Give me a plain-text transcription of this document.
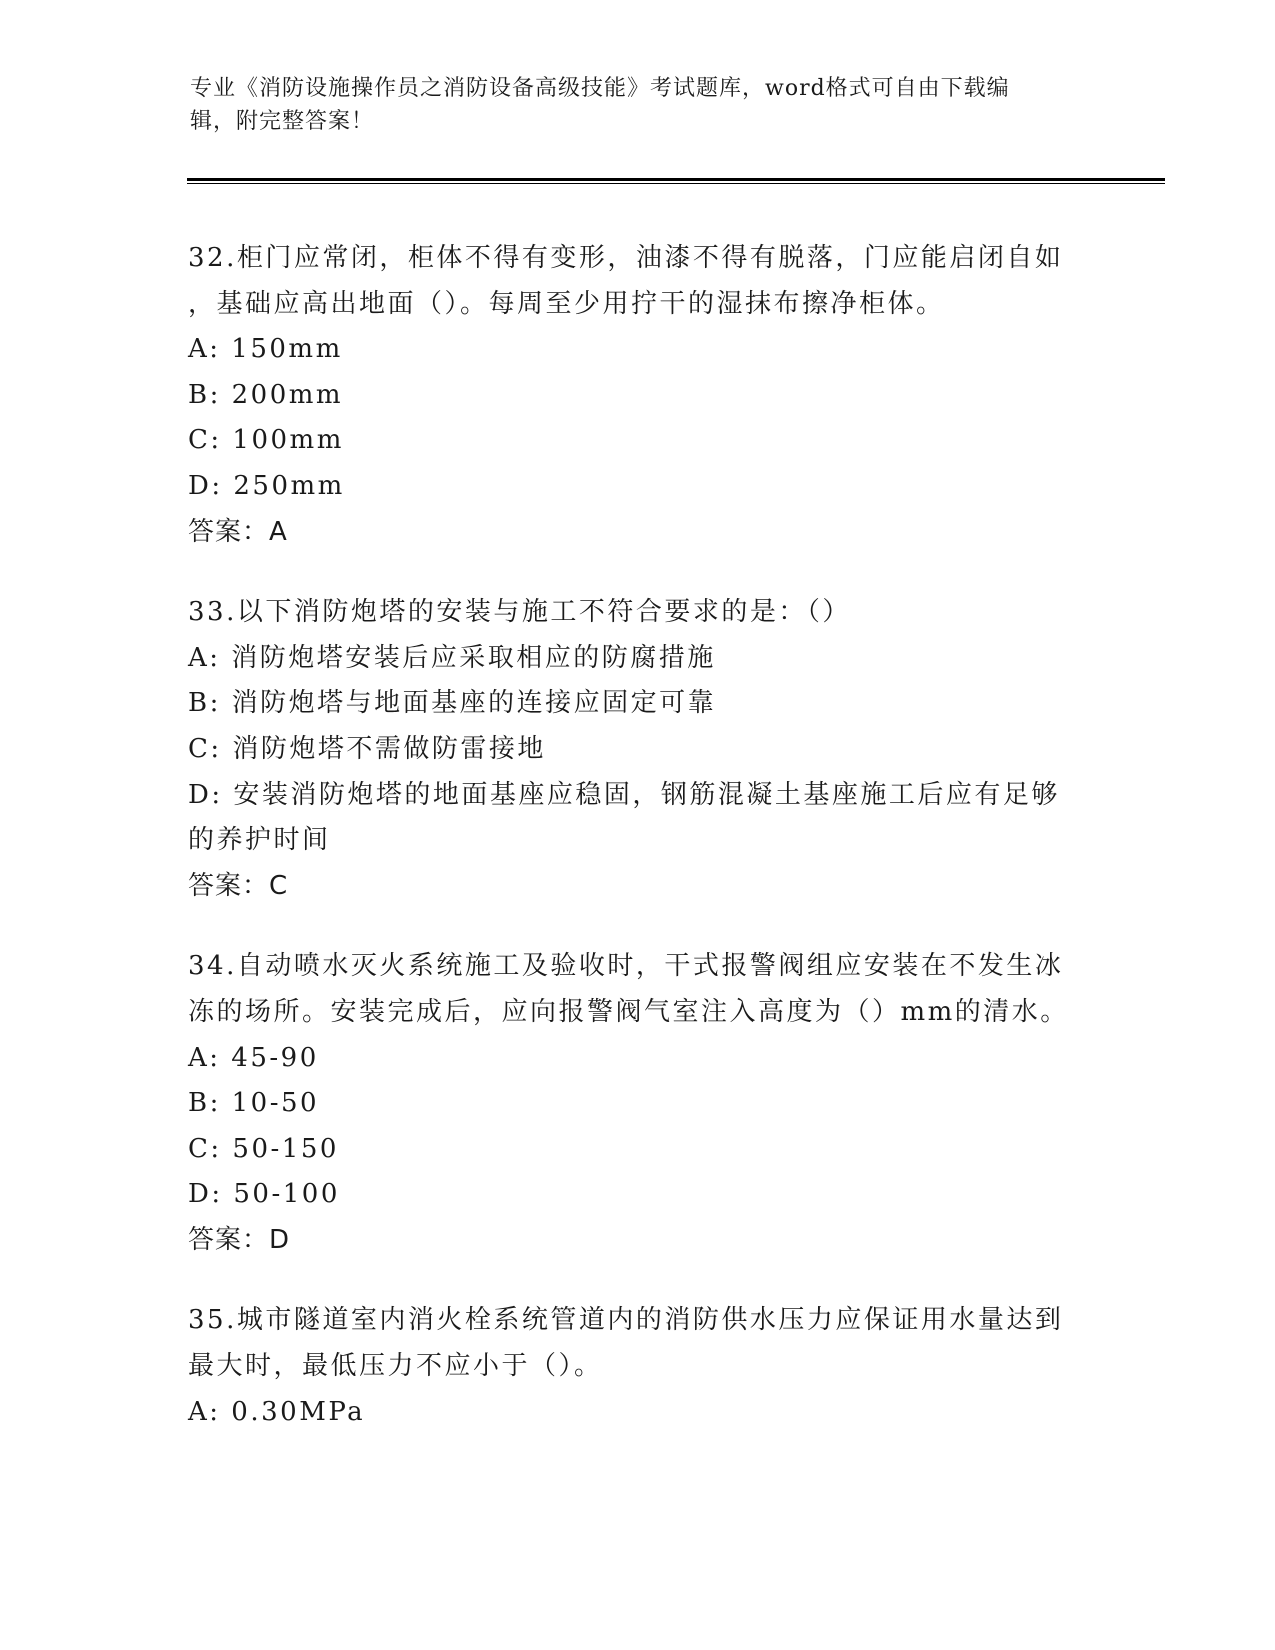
专业《消防设施操作员之消防设备高级技能》考试题库，word格式可自由下载编
辑，附完整答案！
32.柜门应常闭，柜体不得有变形，油漆不得有脱落，门应能启闭自如
，基础应高出地面（）。每周至少用拧干的湿抹布擦净柜体。
A: 150mm
B: 200mm
C: 100mm
D: 250mm
答案：A
33.以下消防炮塔的安装与施工不符合要求的是：（）
A: 消防炮塔安装后应采取相应的防腐措施
B: 消防炮塔与地面基座的连接应固定可靠
C: 消防炮塔不需做防雷接地
D: 安装消防炮塔的地面基座应稳固，钢筋混凝土基座施工后应有足够
的养护时间
答案：C
34.自动喷水灭火系统施工及验收时，干式报警阀组应安装在不发生冰
冻的场所。安装完成后，应向报警阀气室注入高度为（）mm的清水。
A: 45-90
B: 10-50
C: 50-150
D: 50-100
答案：D
35.城市隧道室内消火栓系统管道内的消防供水压力应保证用水量达到
最大时，最低压力不应小于（）。
A: 0.30MPa
